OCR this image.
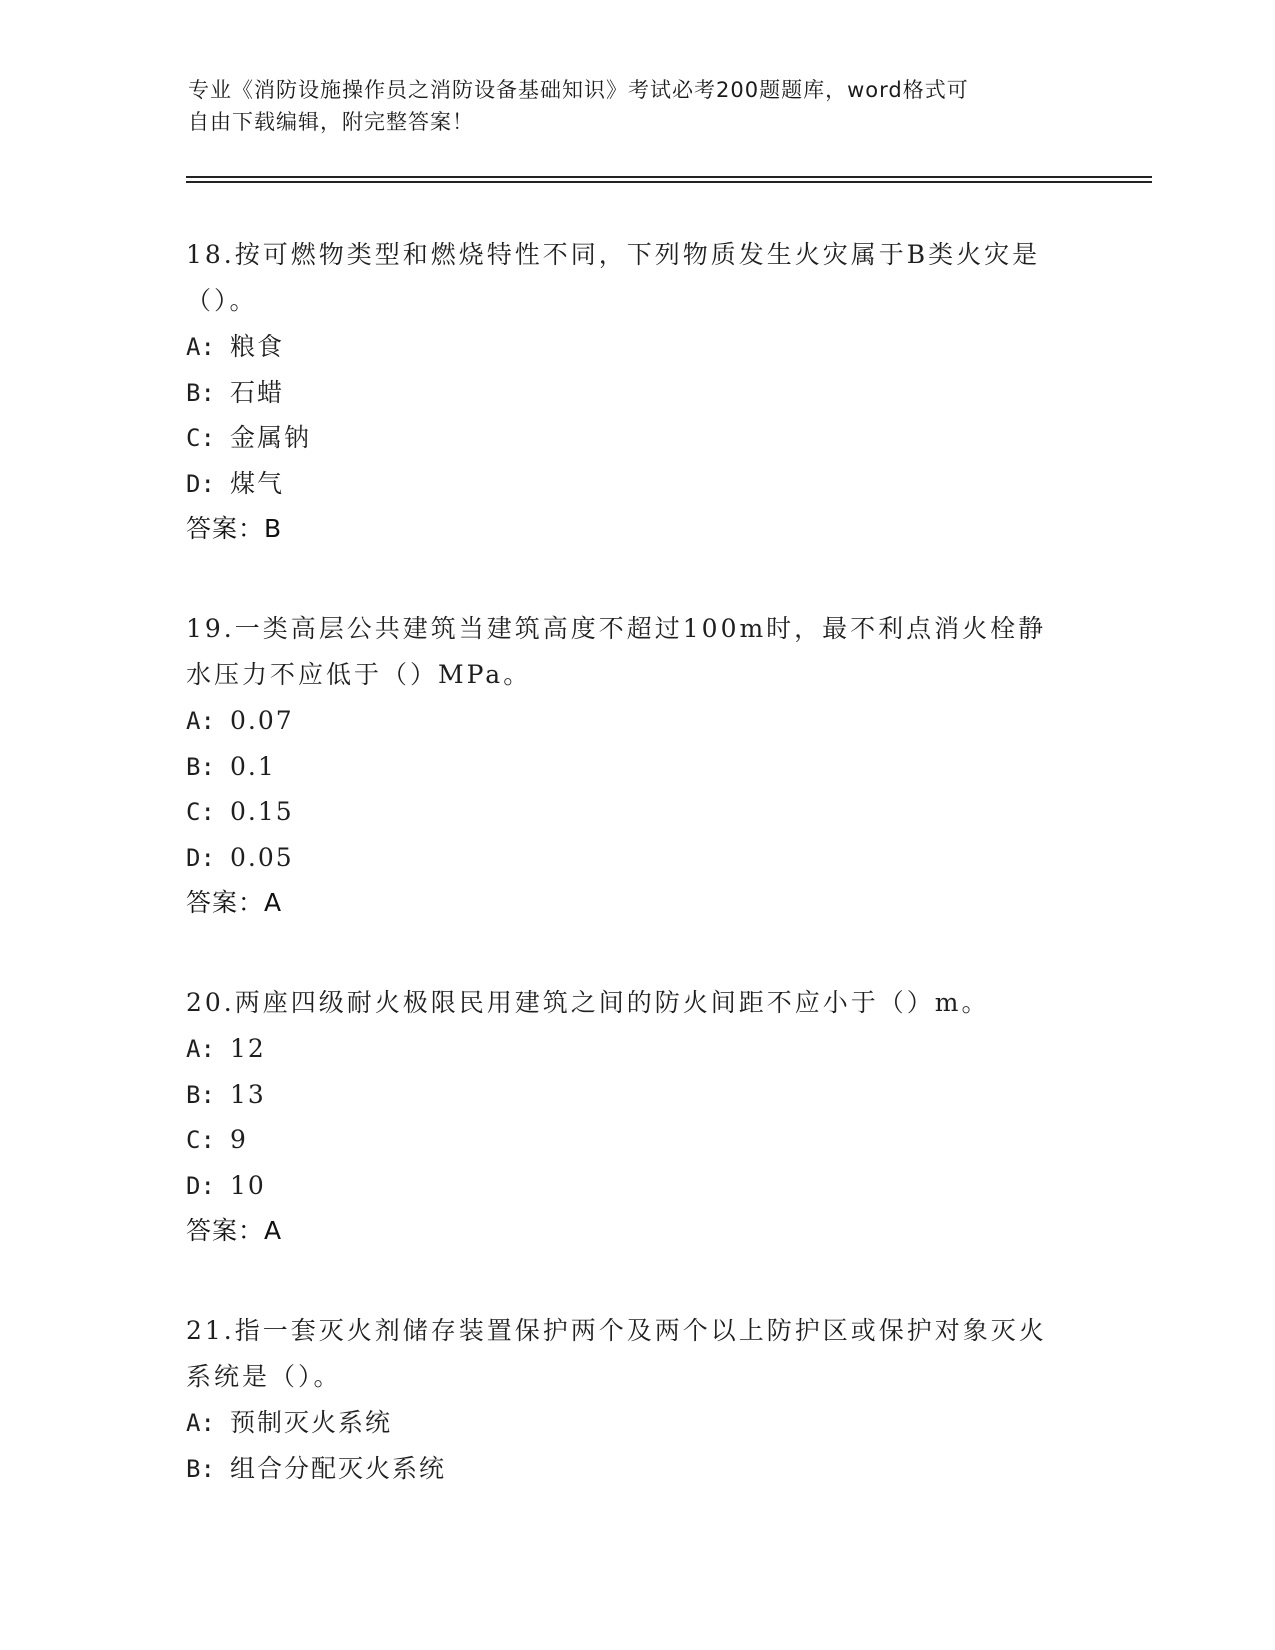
专业《消防设施操作员之消防设备基础知识》考试必考200题题库，word格式可
自由下载编辑，附完整答案！
18.按可燃物类型和燃烧特性不同，下列物质发生火灾属于B类火灾是
（）。
A: 粮食
B: 石蜡
C: 金属钠
D: 煤气
答案：B
19.一类高层公共建筑当建筑高度不超过100m时，最不利点消火栓静
水压力不应低于（）MPa。
A: 0.07
B: 0.1
C: 0.15
D: 0.05
答案：A
20.两座四级耐火极限民用建筑之间的防火间距不应小于（）m。
A: 12
B: 13
C: 9
D: 10
答案：A
21.指一套灭火剂储存装置保护两个及两个以上防护区或保护对象灭火
系统是（）。
A: 预制灭火系统
B: 组合分配灭火系统
